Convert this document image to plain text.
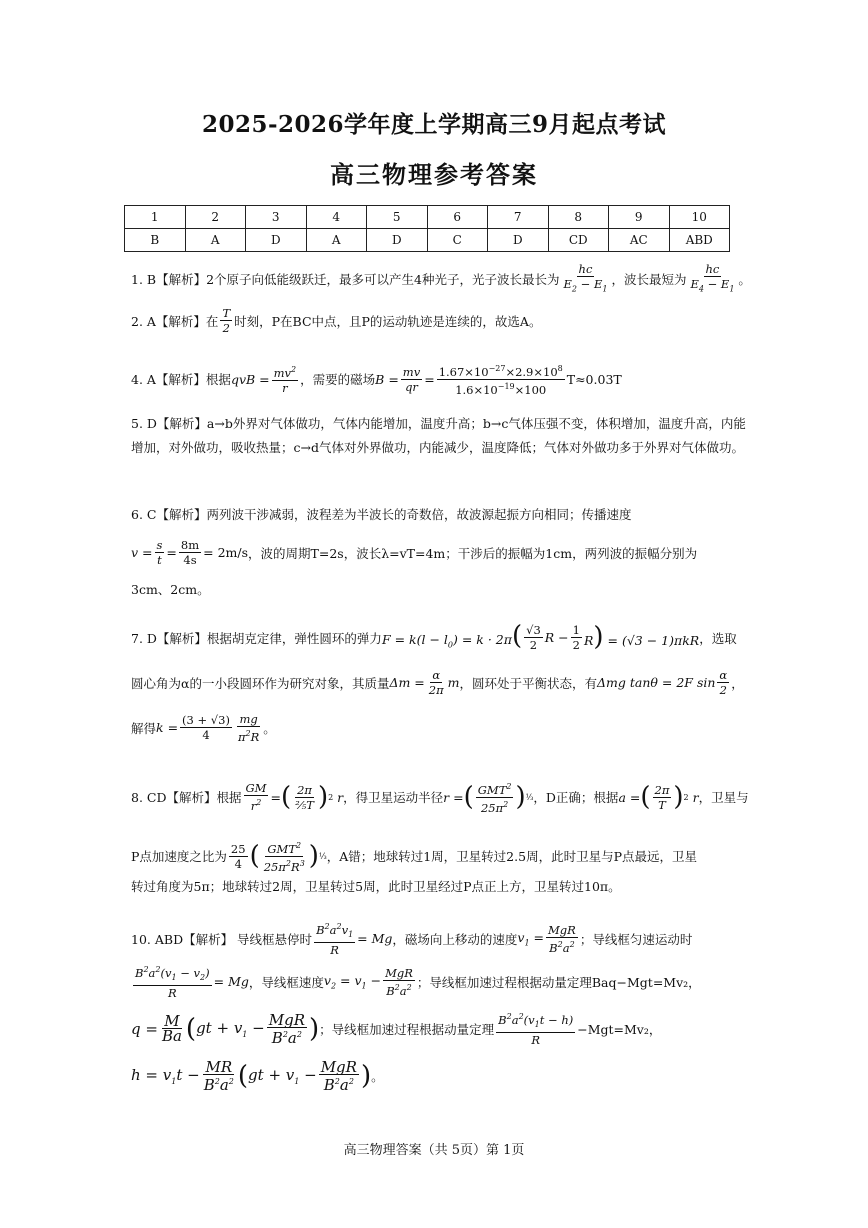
2025-2026学年度上学期高三9月起点考试
高三物理参考答案
1	2	3	4	5	6	7	8	9	10
B	A	D	A	D	C	D	CD	AC	ABD
1. B【解析】 2个原子向低能级跃迁，最多可以产生4种光子，光子波长最长为 $\frac{hc}{E_2 - E_1}$ ，波长最短为 $\frac{hc}{E_4 - E_1}$ 。
2. A【解析】在 $\frac{T}{2}$ 时刻，P在BC中点，且P的运动轨迹是连续的，故选A。
4. A【解析】根据 qvB = $\frac{mv^2}{r}$ ，需要的磁场 $B = \frac{mv}{qr} = \frac{1.67\times 10^{-27}\times 2.9\times 10^8}{1.6\times 10^{-19}\times 100} T\approx 0.03T$
5. D【解析】a→b外界对气体做功，气体内能增加，温度升高；b→c气体压强不变，体积增加，温度升高，内能增加，对外做功，吸收热量；c→d气体对外界做功，内能减少，温度降低；气体对外做功多于外界对气体做功。
6. C【解析】两列波干涉减弱，波程差为半波长的奇数倍，故波源起振方向相同；传播速度
$v = \frac{s}{t} = \frac{8m}{4s} = 2m/s$ ，波的周期T=2s，波长λ=vT=4m；干涉后的振幅为1cm，两列波的振幅分别为
3cm、2cm。
7. D【解析】根据胡克定律，弹性圆环的弹力 $F = k(l - l_0) = k \cdot 2\pi( \frac{√3}{2}$ $R - \frac{1}{2} R) = (√3 - 1)\pi kR$ ，选取
圆心角为α的一小段圆环作为研究对象，其质量 $\Delta m = \frac{\alpha}{2\pi}$ m ，圆环处于平衡状态，有 Δmg tanθ = 2F $\sin \frac{\alpha}{2}$ ，
解得 $k = \frac{(3 + √3)}{4} \frac{mg}{\pi^2R}$ 。
8. CD【解析】根据 $\frac{GM}{r^2}$ = ( $\frac{2\pi}{\text{⅖T}}$ ) 2 r ，得卫星运动半径 r = ( $\frac{GMT^2}{25\pi^2}$ ) ⅓ ，D正确；根据 a = ( $\frac{2\pi}{T}$ ) 2 r ，卫星与
P点加速度之比为 $\frac{25}{4}$ ( $\frac{GMT^2}{25\pi^2R^3}$ ) ⅓ ，A错；地球转过1周，卫星转过2.5周，此时卫星与P点最远，卫星
转过角度为5π；地球转过2周，卫星转过5周，此时卫星经过P点正上方，卫星转过10π。
10. ABD【解析】 导线框悬停时 $\frac{B^2a^2v_1}{R} = Mg$ ，磁场向上移动的速度 $v_1 = \frac{\text{MgR}}{B^2a^2}$ ；导线框匀速运动时
$\frac{B^2a^2(v_1 - v_2)}{R} = Mg$ ，导线框速度 $v_2 = v_1 - \frac{\text{MgR}}{B^2a^2}$ ；导线框加速过程根据动量定理Baq−Mgt=Mv₂，
$q = \frac{M}{Ba}$ ( gt + $v_1 - \frac{\text{MgR}}{B^2a^2}$ ) ；导线框加速过程根据动量定理 $\frac{B^2a^2(v_1t - h)}{R} -Mgt=Mv_2$，
$h = v_1t - \frac{MR}{B^2a^2}$ ( gt + $v_1 - \frac{\text{MgR}}{B^2a^2}$ ) 。
高三物理答案（共 5页）第 1页
